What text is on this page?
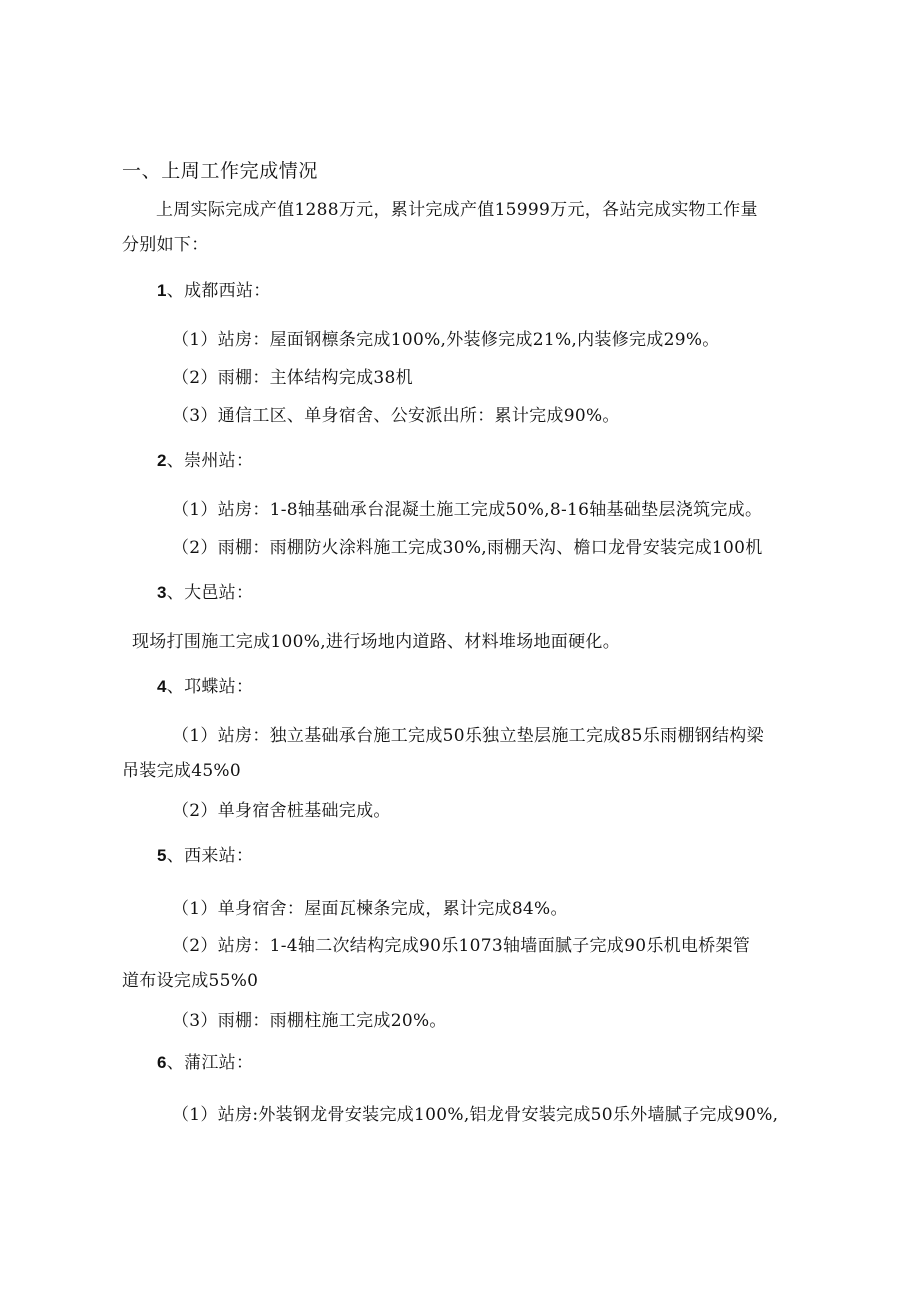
一、上周工作完成情况
上周实际完成产值1288万元，累计完成产值15999万元，各站完成实物工作量
分别如下：
1、成都西站：
（1）站房：屋面钢檩条完成100%,外装修完成21%,内装修完成29%。
（2）雨棚：主体结构完成38机
（3）通信工区、单身宿舍、公安派出所：累计完成90%。
2、崇州站：
（1）站房：1-8轴基础承台混凝土施工完成50%,8-16轴基础垫层浇筑完成。
（2）雨棚：雨棚防火涂料施工完成30%,雨棚天沟、檐口龙骨安装完成100机
3、大邑站：
现场打围施工完成100%,进行场地内道路、材料堆场地面硬化。
4、邛蝶站：
（1）站房：独立基础承台施工完成50乐独立垫层施工完成85乐雨棚钢结构梁
吊装完成45%0
（2）单身宿舍桩基础完成。
5、西来站：
（1）单身宿舍：屋面瓦楝条完成，累计完成84%。
（2）站房：1-4轴二次结构完成90乐1073轴墙面腻子完成90乐机电桥架管
道布设完成55%0
（3）雨棚：雨棚柱施工完成20%。
6、蒲江站：
（1）站房:外装钢龙骨安装完成100%,铝龙骨安装完成50乐外墙腻子完成90%,
